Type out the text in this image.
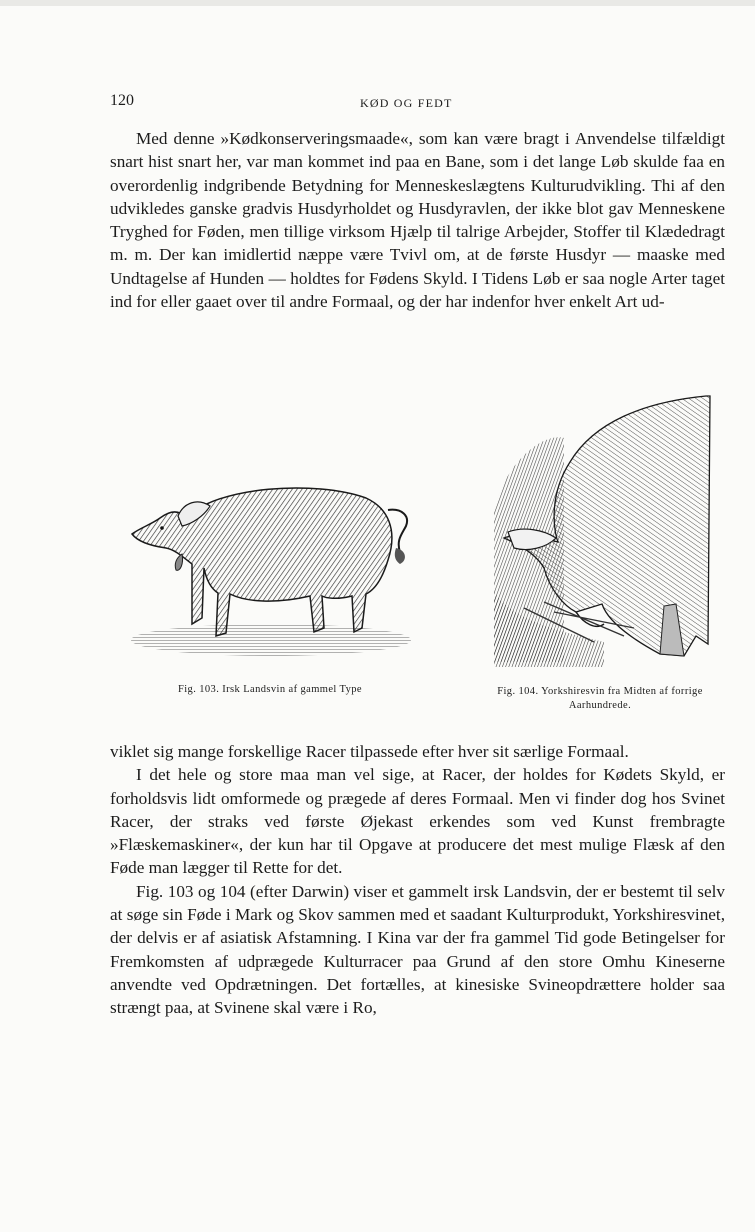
120	KØD OG FEDT

Med denne »Kødkonserveringsmaade«, som kan være bragt i Anvendelse tilfældigt snart hist snart her, var man kommet ind paa en Bane, som i det lange Løb skulde faa en overordenlig indgribende Betydning for Menneskeslægtens Kulturudvikling. Thi af den udvikledes ganske gradvis Husdyrholdet og Husdyravlen, der ikke blot gav Menneskene Tryghed for Føden, men tillige virksom Hjælp til talrige Arbejder, Stoffer til Klædedragt m. m. Der kan imidlertid næppe være Tvivl om, at de første Husdyr — maaske med Undtagelse af Hunden — holdtes for Fødens Skyld. I Tidens Løb er saa nogle Arter taget ind for eller gaaet over til andre Formaal, og der har indenfor hver enkelt Art ud-

Fig. 103. Irsk Landsvin af gammel Type	Fig. 104. Yorkshiresvin fra Midten af forrige Aarhundrede.

viklet sig mange forskellige Racer tilpassede efter hver sit særlige Formaal.

I det hele og store maa man vel sige, at Racer, der holdes for Kødets Skyld, er forholdsvis lidt omformede og prægede af deres Formaal. Men vi finder dog hos Svinet Racer, der straks ved første Øjekast erkendes som ved Kunst frembragte »Flæskemaskiner«, der kun har til Opgave at producere det mest mulige Flæsk af den Føde man lægger til Rette for det.

Fig. 103 og 104 (efter Darwin) viser et gammelt irsk Landsvin, der er bestemt til selv at søge sin Føde i Mark og Skov sammen med et saadant Kulturprodukt, Yorkshiresvinet, der delvis er af asiatisk Afstamning. I Kina var der fra gammel Tid gode Betingelser for Fremkomsten af udprægede Kulturracer paa Grund af den store Omhu Kineserne anvendte ved Opdrætningen. Det fortælles, at kinesiske Svineopdrættere holder saa strængt paa, at Svinene skal være i Ro,
